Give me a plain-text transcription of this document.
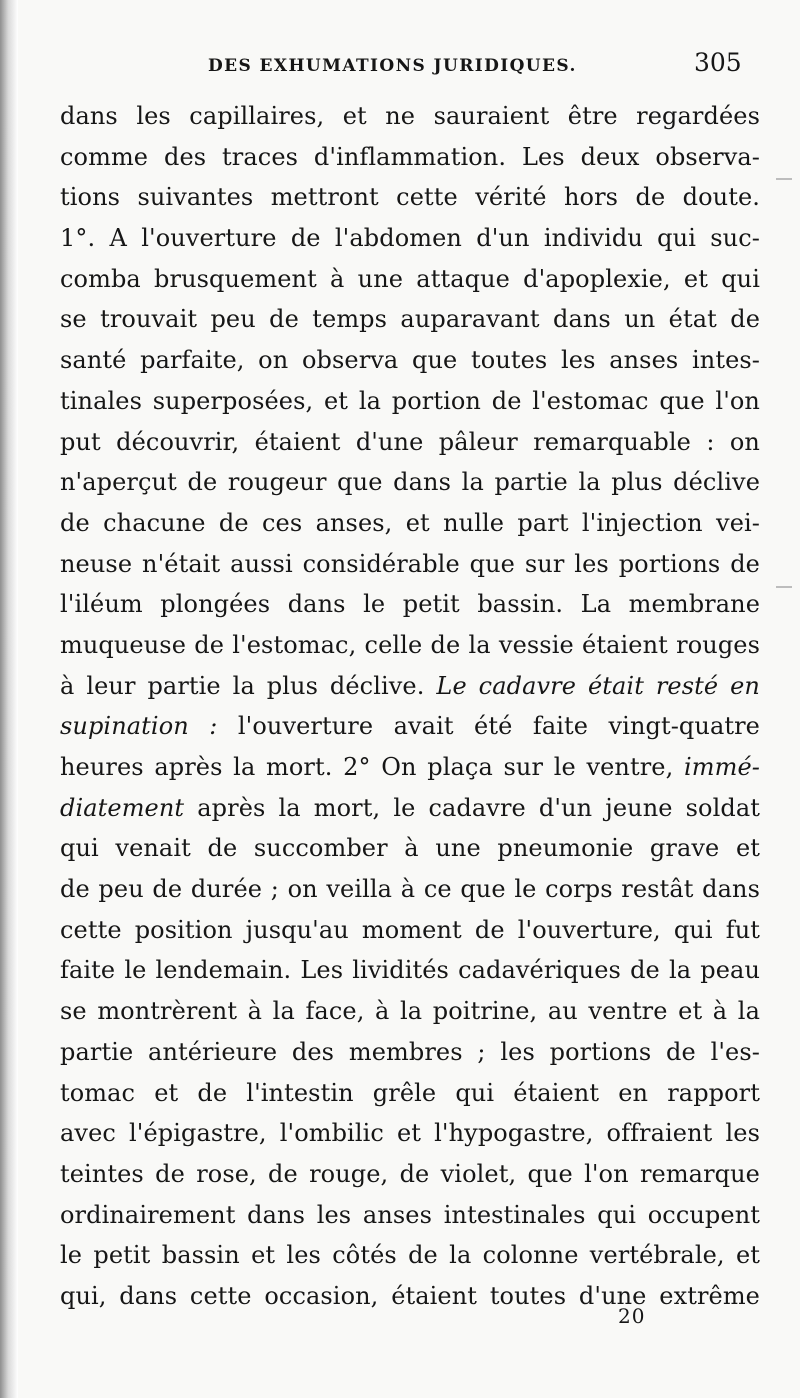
DES EXHUMATIONS JURIDIQUES.	305
dans les capillaires, et ne sauraient être regardées
comme des traces d'inflammation. Les deux observa-
tions suivantes mettront cette vérité hors de doute.
1°. A l'ouverture de l'abdomen d'un individu qui suc-
comba brusquement à une attaque d'apoplexie, et qui
se trouvait peu de temps auparavant dans un état de
santé parfaite, on observa que toutes les anses intes-
tinales superposées, et la portion de l'estomac que l'on
put découvrir, étaient d'une pâleur remarquable : on
n'aperçut de rougeur que dans la partie la plus déclive
de chacune de ces anses, et nulle part l'injection vei-
neuse n'était aussi considérable que sur les portions de
l'iléum plongées dans le petit bassin. La membrane
muqueuse de l'estomac, celle de la vessie étaient rouges
à leur partie la plus déclive. Le cadavre était resté en
supination : l'ouverture avait été faite vingt-quatre
heures après la mort. 2° On plaça sur le ventre, immé-
diatement après la mort, le cadavre d'un jeune soldat
qui venait de succomber à une pneumonie grave et
de peu de durée ; on veilla à ce que le corps restât dans
cette position jusqu'au moment de l'ouverture, qui fut
faite le lendemain. Les lividités cadavériques de la peau
se montrèrent à la face, à la poitrine, au ventre et à la
partie antérieure des membres ; les portions de l'es-
tomac et de l'intestin grêle qui étaient en rapport
avec l'épigastre, l'ombilic et l'hypogastre, offraient les
teintes de rose, de rouge, de violet, que l'on remarque
ordinairement dans les anses intestinales qui occupent
le petit bassin et les côtés de la colonne vertébrale, et
qui, dans cette occasion, étaient toutes d'une extrême
20
